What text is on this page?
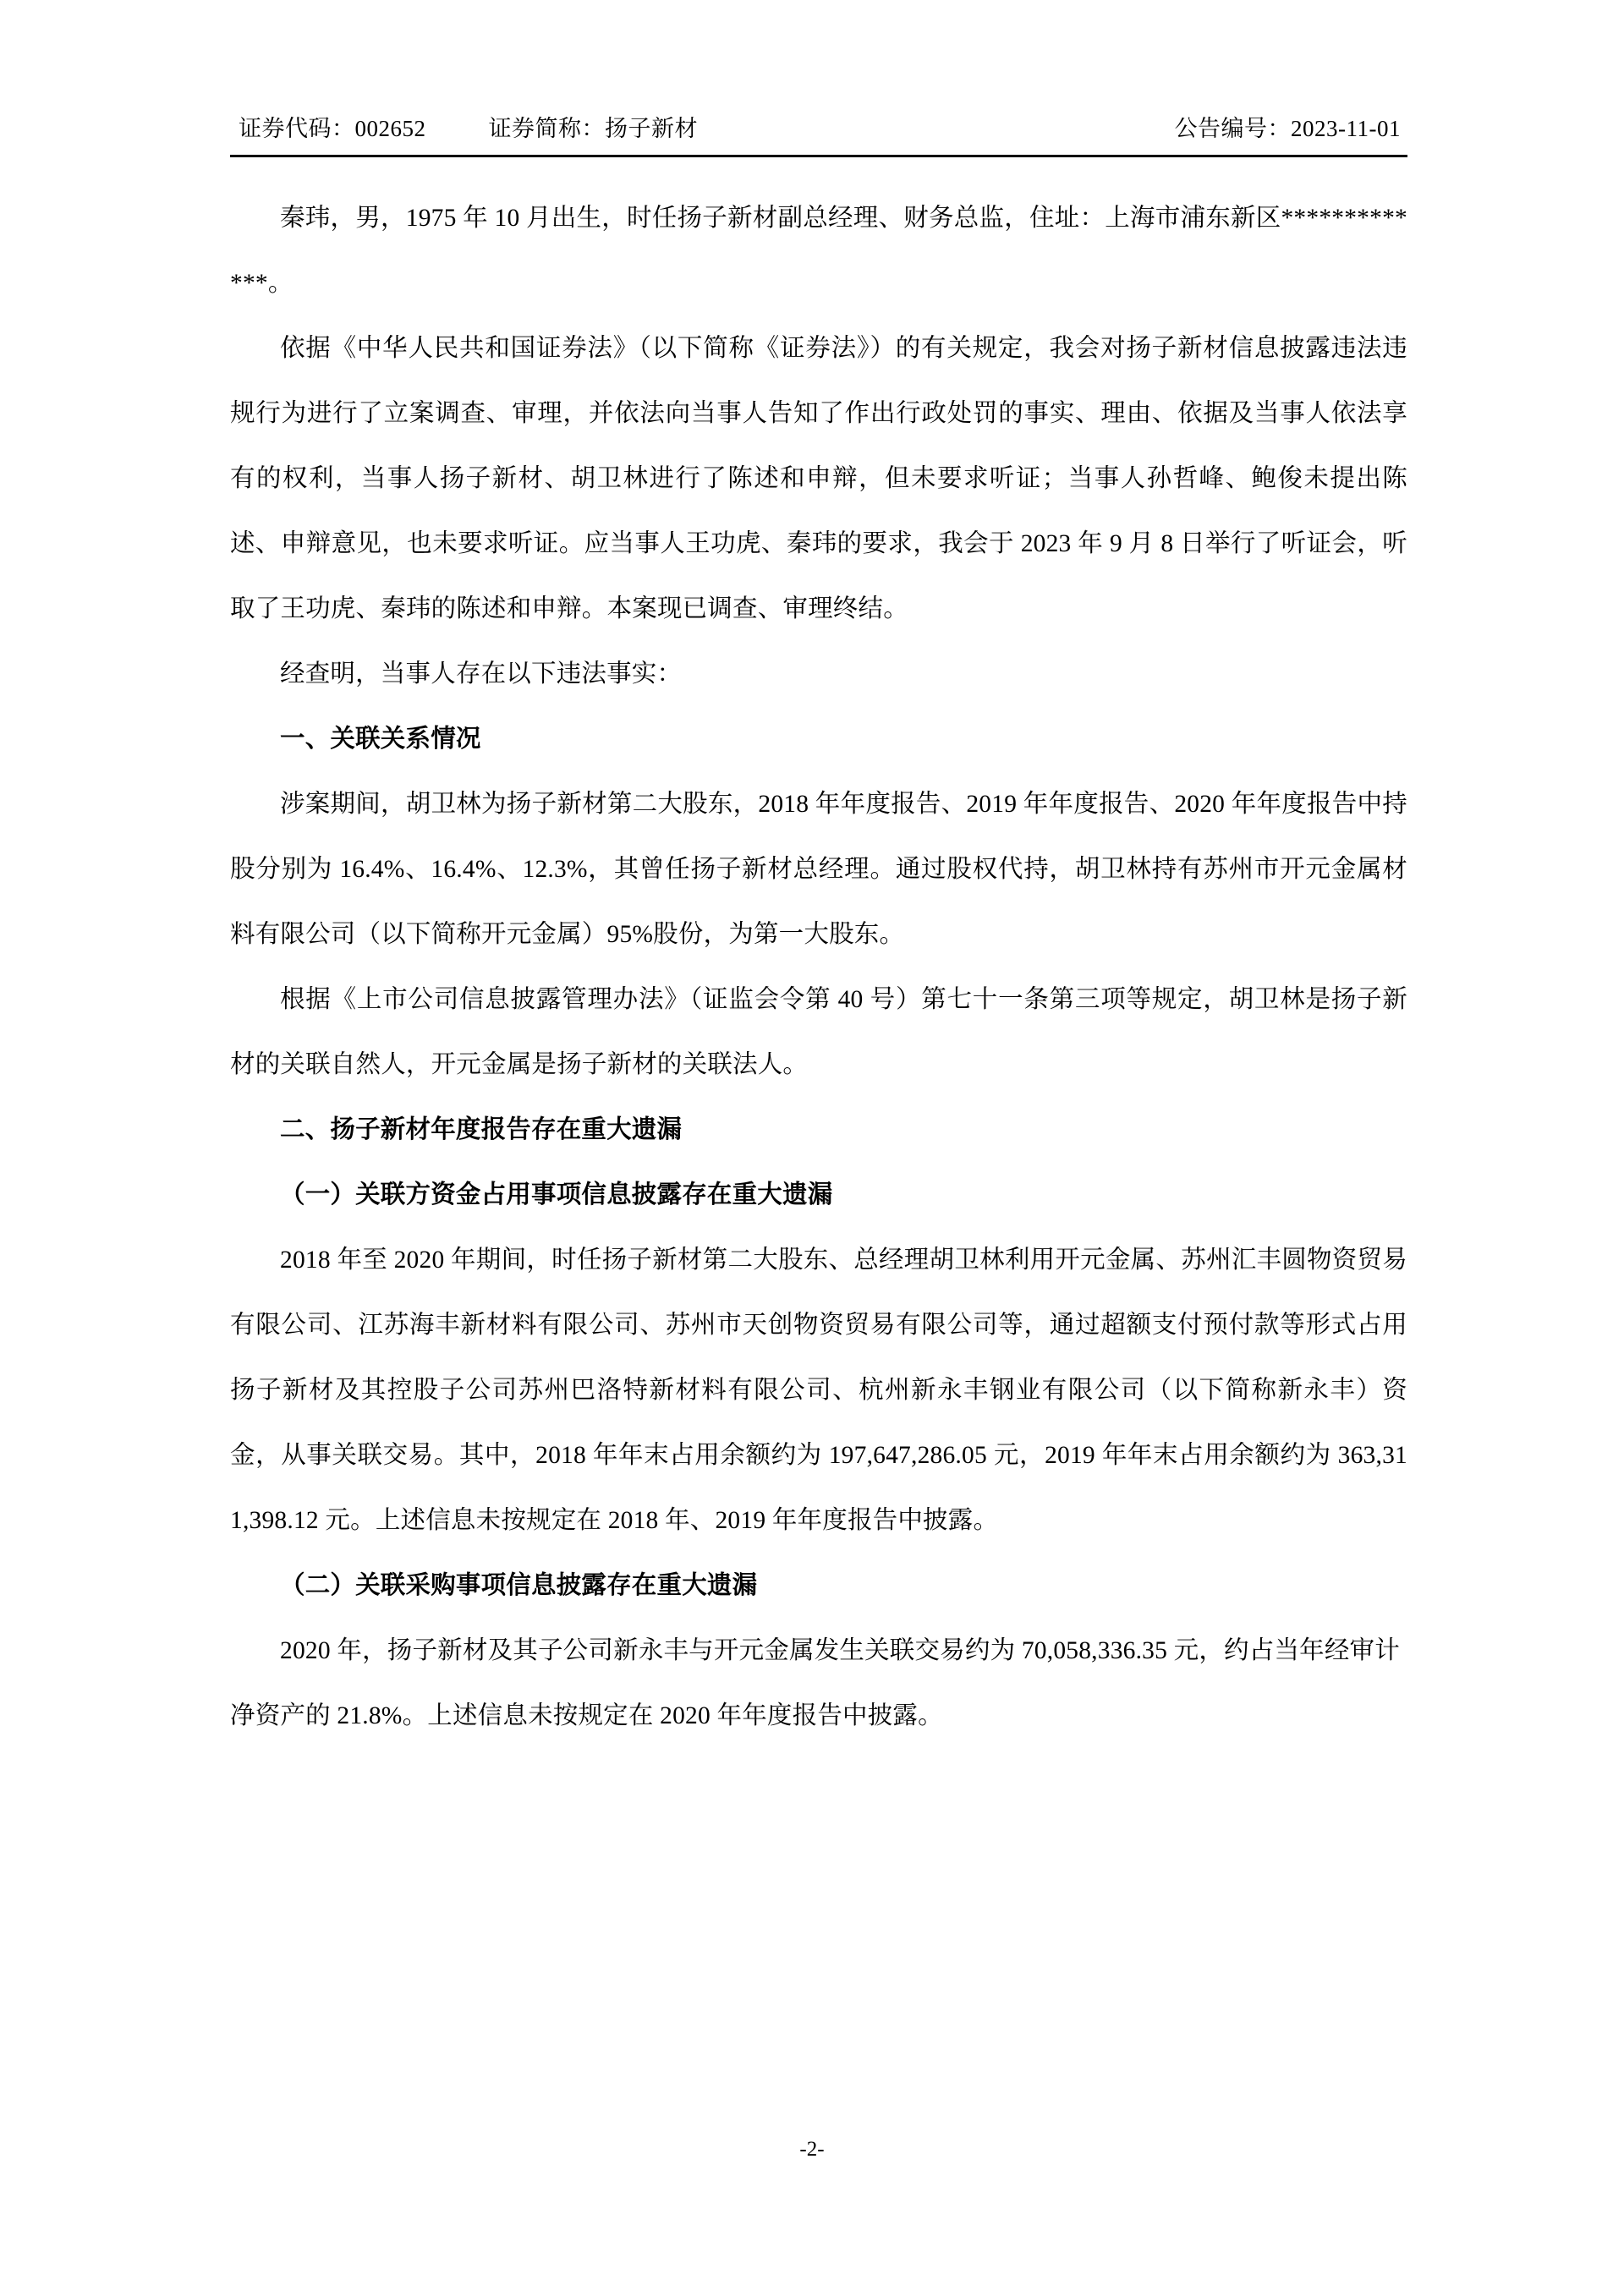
证券代码：002652	证券简称：扬子新材	公告编号：2023-11-01

秦玮，男，1975 年 10 月出生，时任扬子新材副总经理、财务总监，住址：上海市浦东新区*************。

依据《中华人民共和国证券法》（以下简称《证券法》）的有关规定，我会对扬子新材信息披露违法违规行为进行了立案调查、审理，并依法向当事人告知了作出行政处罚的事实、理由、依据及当事人依法享有的权利，当事人扬子新材、胡卫林进行了陈述和申辩，但未要求听证；当事人孙哲峰、鲍俊未提出陈述、申辩意见，也未要求听证。应当事人王功虎、秦玮的要求，我会于 2023 年 9 月 8 日举行了听证会，听取了王功虎、秦玮的陈述和申辩。本案现已调查、审理终结。

经查明，当事人存在以下违法事实：

一、关联关系情况

涉案期间，胡卫林为扬子新材第二大股东，2018 年年度报告、2019 年年度报告、2020 年年度报告中持股分别为 16.4%、16.4%、12.3%，其曾任扬子新材总经理。通过股权代持，胡卫林持有苏州市开元金属材料有限公司（以下简称开元金属）95%股份，为第一大股东。

根据《上市公司信息披露管理办法》（证监会令第 40 号）第七十一条第三项等规定，胡卫林是扬子新材的关联自然人，开元金属是扬子新材的关联法人。

二、扬子新材年度报告存在重大遗漏
（一）关联方资金占用事项信息披露存在重大遗漏

2018 年至 2020 年期间，时任扬子新材第二大股东、总经理胡卫林利用开元金属、苏州汇丰圆物资贸易有限公司、江苏海丰新材料有限公司、苏州市天创物资贸易有限公司等，通过超额支付预付款等形式占用扬子新材及其控股子公司苏州巴洛特新材料有限公司、杭州新永丰钢业有限公司（以下简称新永丰）资金，从事关联交易。其中，2018 年年末占用余额约为 197,647,286.05 元，2019 年年末占用余额约为 363,311,398.12 元。上述信息未按规定在 2018 年、2019 年年度报告中披露。

（二）关联采购事项信息披露存在重大遗漏

2020 年，扬子新材及其子公司新永丰与开元金属发生关联交易约为 70,058,336.35 元，约占当年经审计净资产的 21.8%。上述信息未按规定在 2020 年年度报告中披露。

-2-
